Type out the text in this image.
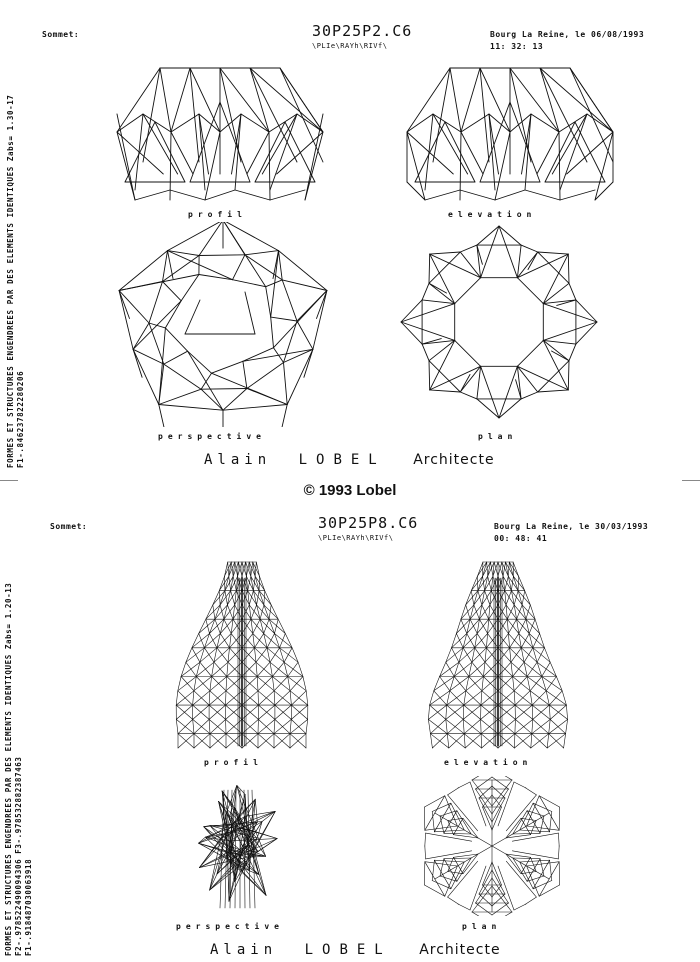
Sommet:	30P25P2.C6
\PLIe\RAYh\RIVf\
Bourg La Reine, le 06/08/1993
11: 32: 13
FORMES ET STRUCTURES ENGENDREES PAR DES ELEMENTS IDENTIQUES Zabs= 1.30-17 F1-.846237822280206
profil	elevation
perspective	plan
Alain LOBEL Architecte
© 1993 Lobel
Sommet:	30P25P8.C6
\PLIe\RAYh\RIVf\
Bourg La Reine, le 30/03/1993
00: 48: 41
FORMES ET STRUCTURES ENGENDREES PAR DES ELEMENTS IDENTIQUES Zabs= 1.20-13 F2-.978522490094306 F3-.978532882387463 F1-.918487030063918
profil	elevation
perspective	plan
Alain LOBEL Architecte
